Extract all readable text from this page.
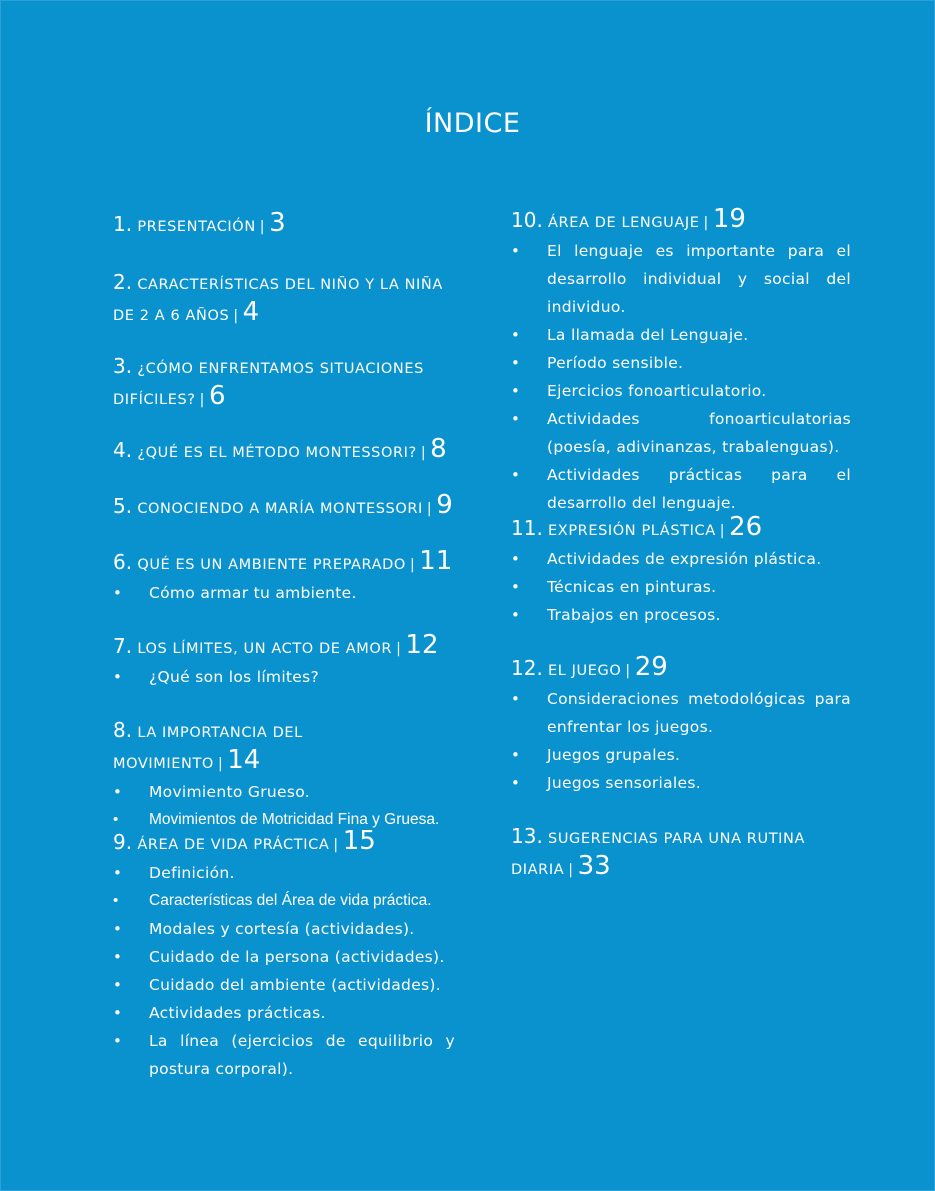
ÍNDICE
1. PRESENTACIÓN | 3
2. CARACTERÍSTICAS DEL NIÑO Y LA NIÑA DE 2 A 6 AÑOS | 4
3. ¿CÓMO ENFRENTAMOS SITUACIONES DIFÍCILES? | 6
4. ¿QUÉ ES EL MÉTODO MONTESSORI? | 8
5. CONOCIENDO A MARÍA MONTESSORI | 9
6. QUÉ ES UN AMBIENTE PREPARADO | 11
• Cómo armar tu ambiente.
7. LOS LÍMITES, UN ACTO DE AMOR | 12
• ¿Qué son los límites?
8. LA IMPORTANCIA DEL MOVIMIENTO | 14
• Movimiento Grueso.
• Movimientos de Motricidad Fina y Gruesa.
9. ÁREA DE VIDA PRÁCTICA | 15
• Definición.
• Características del Área de vida práctica.
• Modales y cortesía (actividades).
• Cuidado de la persona (actividades).
• Cuidado del ambiente (actividades).
• Actividades prácticas.
• La línea (ejercicios de equilibrio y postura corporal).
10. ÁREA DE LENGUAJE | 19
• El lenguaje es importante para el desarrollo individual y social del individuo.
• La llamada del Lenguaje.
• Período sensible.
• Ejercicios fonoarticulatorio.
• Actividades fonoarticulatorias (poesía, adivinanzas, trabalenguas).
• Actividades prácticas para el desarrollo del lenguaje.
11. EXPRESIÓN PLÁSTICA | 26
• Actividades de expresión plástica.
• Técnicas en pinturas.
• Trabajos en procesos.
12. EL JUEGO | 29
• Consideraciones metodológicas para enfrentar los juegos.
• Juegos grupales.
• Juegos sensoriales.
13. SUGERENCIAS PARA UNA RUTINA DIARIA | 33
